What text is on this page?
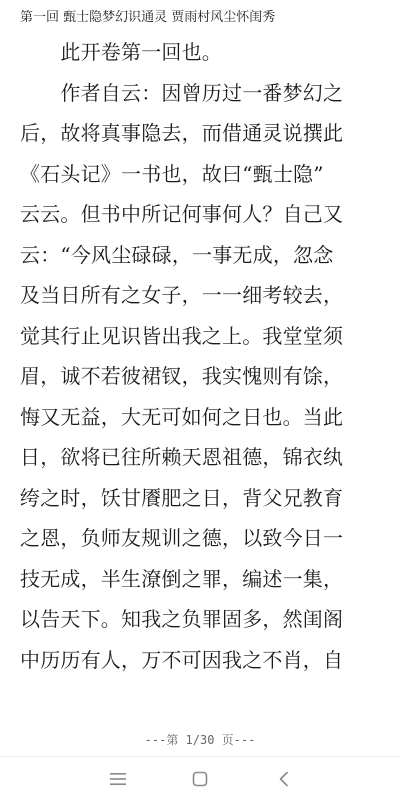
第一回 甄士隐梦幻识通灵 贾雨村风尘怀闺秀
　　此开卷第一回也。
　　作者自云：因曾历过一番梦幻之
后，故将真事隐去，而借通灵说撰此
《石头记》一书也，故曰“甄士隐”
云云。但书中所记何事何人？自己又
云：“今风尘碌碌，一事无成，忽念
及当日所有之女子，一一细考较去，
觉其行止见识皆出我之上。我堂堂须
眉，诚不若彼裙钗，我实愧则有馀，
悔又无益，大无可如何之日也。当此
日，欲将已往所赖天恩祖德，锦衣纨
绔之时，饫甘餍肥之日，背父兄教育
之恩，负师友规训之德，以致今日一
技无成，半生潦倒之罪，编述一集，
以告天下。知我之负罪固多，然闺阁
中历历有人，万不可因我之不肖，自
---第 1/30 页---
